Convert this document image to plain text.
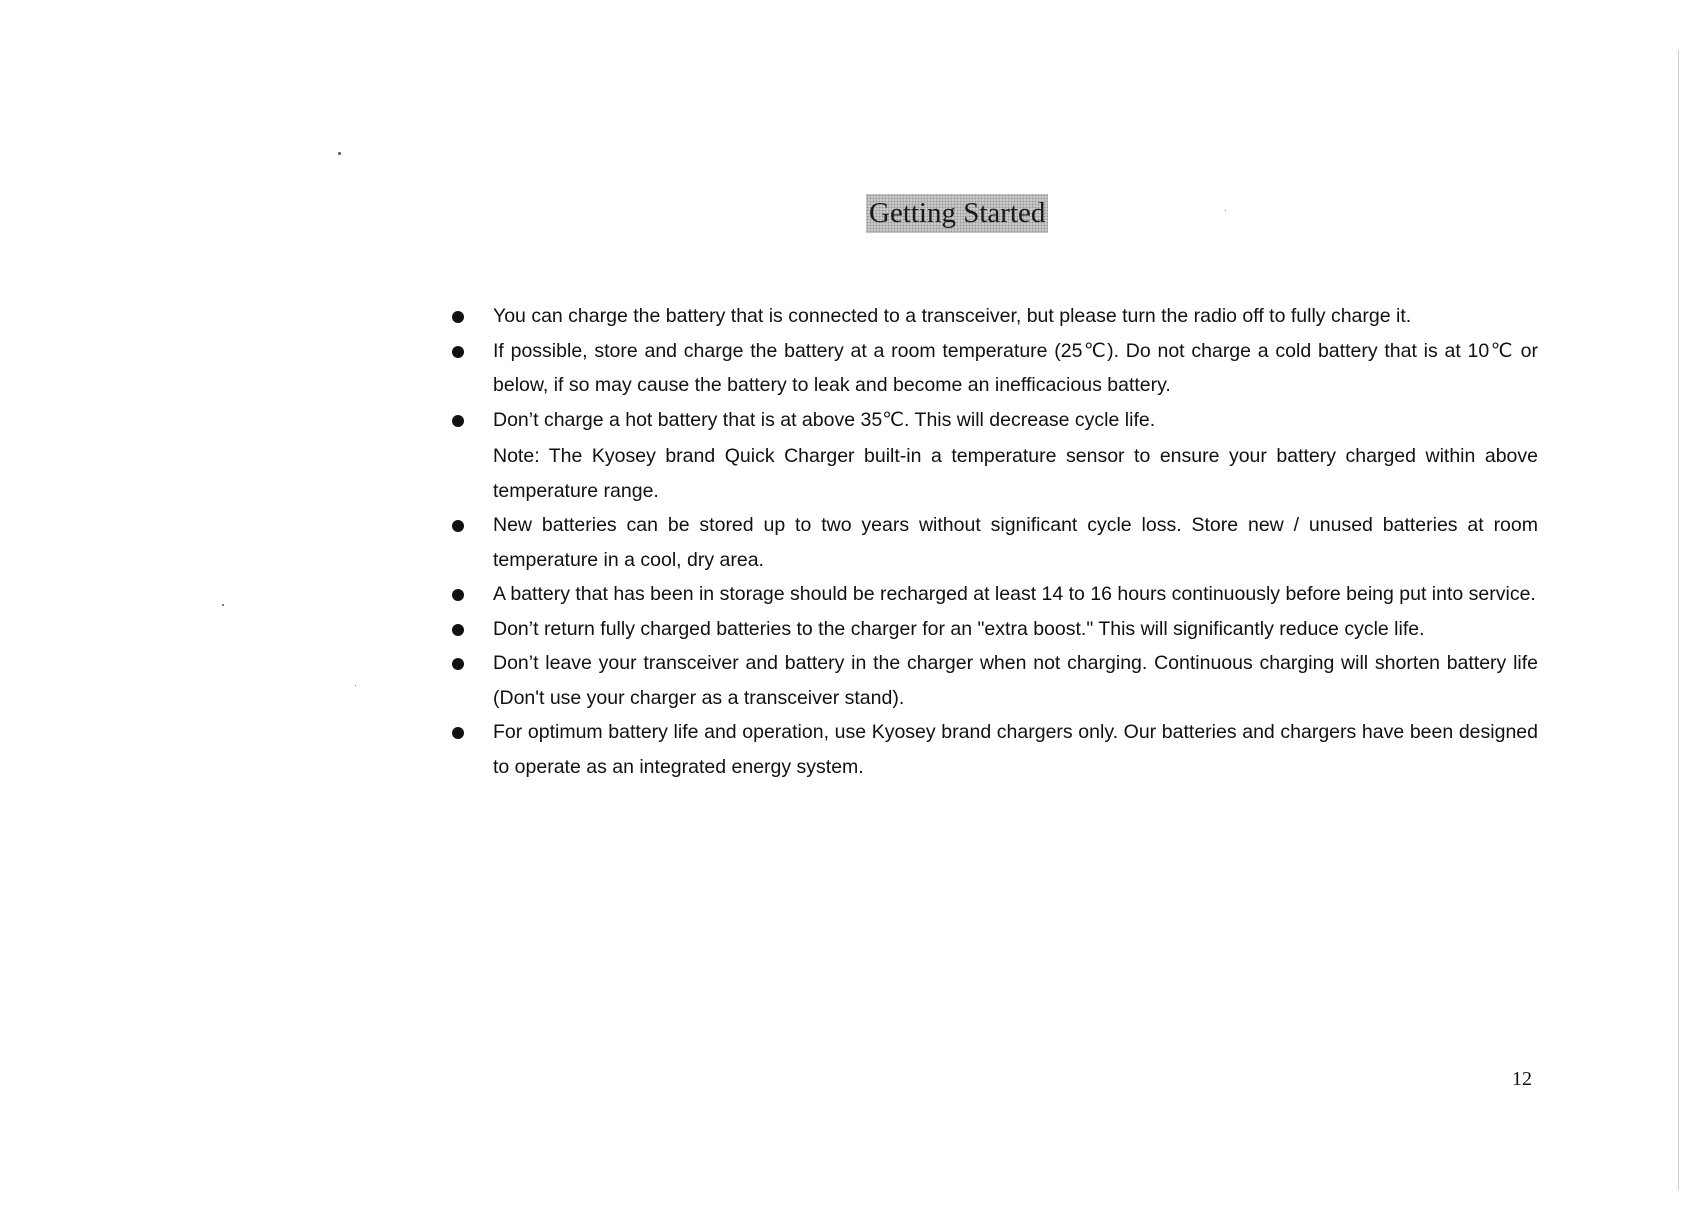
Getting Started
You can charge the battery that is connected to a transceiver, but please turn the radio off to fully charge it.
If possible, store and charge the battery at a room temperature (25℃). Do not charge a cold battery that is at 10℃ or below, if so may cause the battery to leak and become an inefficacious battery.
Don’t charge a hot battery that is at above 35℃. This will decrease cycle life.
Note: The Kyosey brand Quick Charger built-in a temperature sensor to ensure your battery charged within above temperature range.
New batteries can be stored up to two years without significant cycle loss. Store new / unused batteries at room temperature in a cool, dry area.
A battery that has been in storage should be recharged at least 14 to 16 hours continuously before being put into service.
Don’t return fully charged batteries to the charger for an "extra boost." This will significantly reduce cycle life.
Don’t leave your transceiver and battery in the charger when not charging. Continuous charging will shorten battery life (Don't use your charger as a transceiver stand).
For optimum battery life and operation, use Kyosey brand chargers only. Our batteries and chargers have been designed to operate as an integrated energy system.
12
